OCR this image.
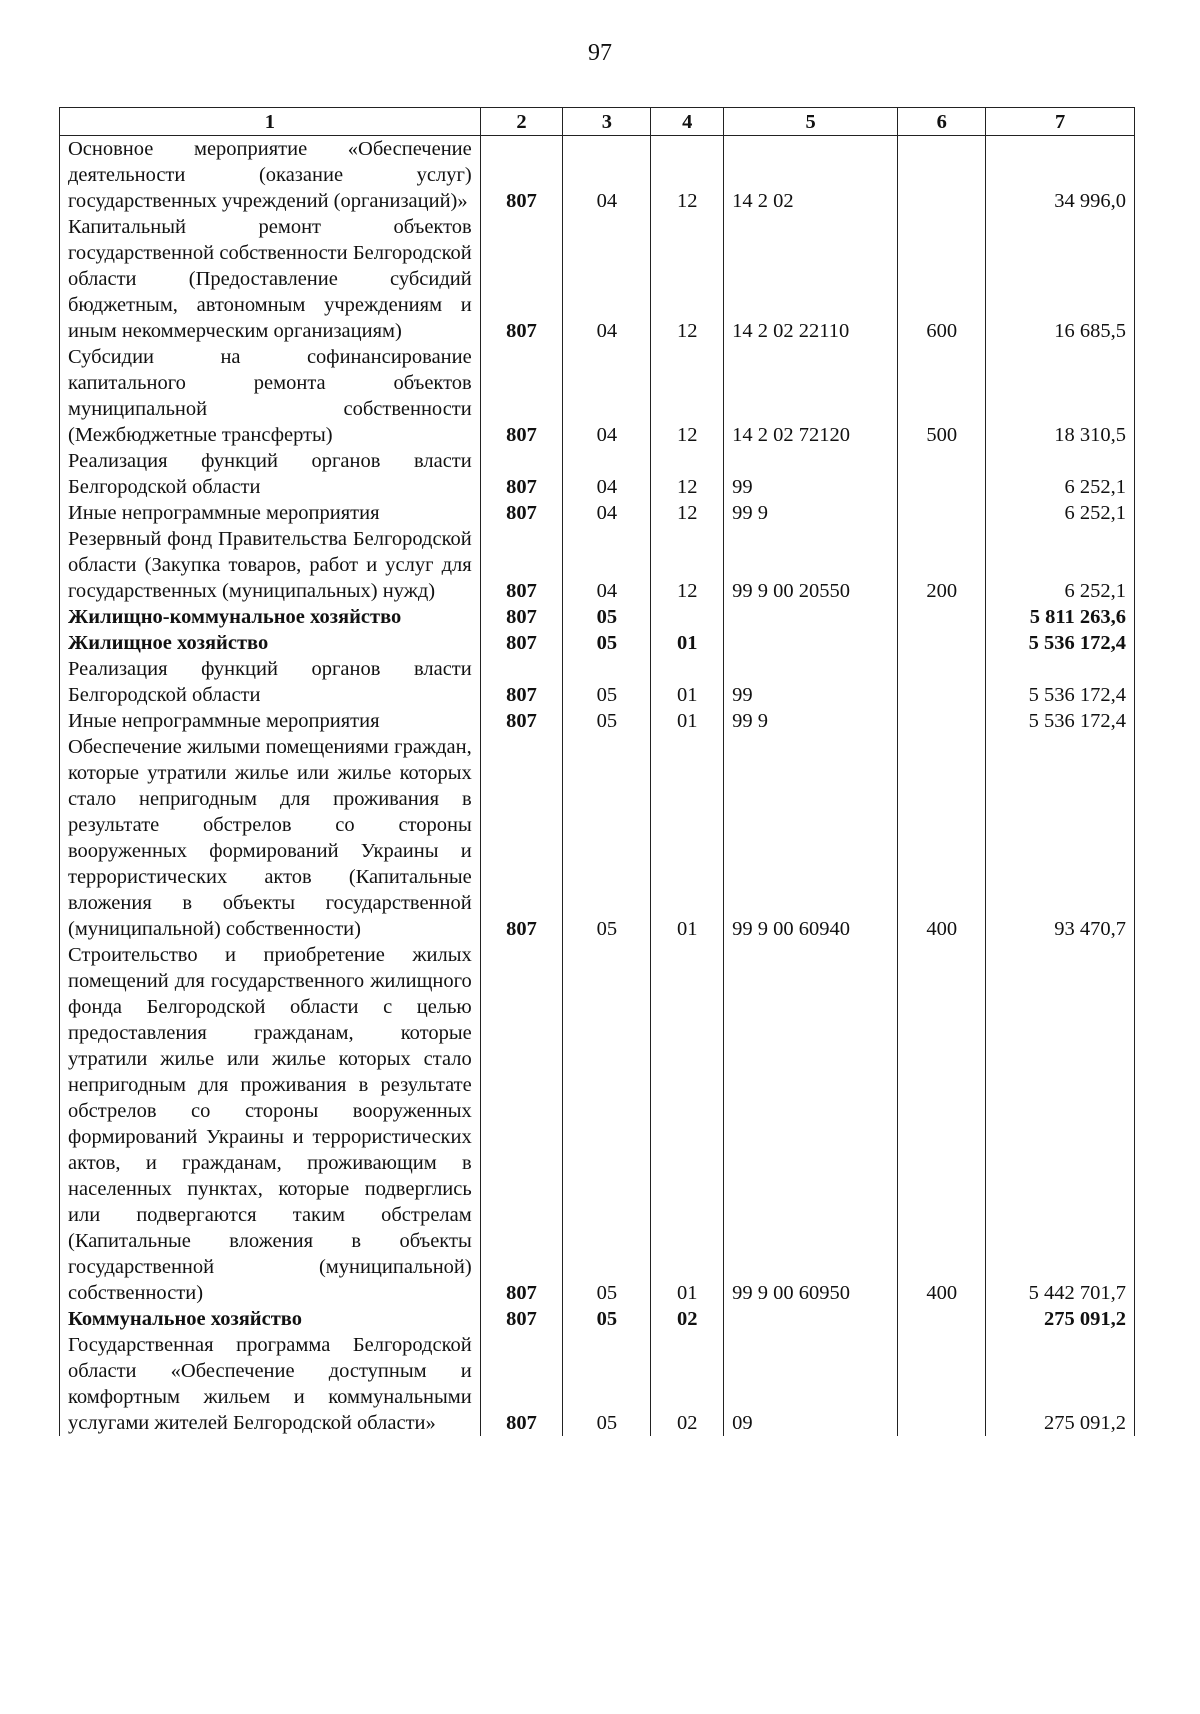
97
1	2	3	4	5	6	7
Основное мероприятие «Обеспечение деятельности (оказание услуг) государственных учреждений (организаций)»	807	04	12	14 2 02		34 996,0
Капитальный ремонт объектов государственной собственности Белгородской области (Предоставление субсидий бюджетным, автономным учреждениям и иным некоммерческим организациям)	807	04	12	14 2 02 22110	600	16 685,5
Субсидии на софинансирование капитального ремонта объектов муниципальной собственности (Межбюджетные трансферты)	807	04	12	14 2 02 72120	500	18 310,5
Реализация функций органов власти Белгородской области	807	04	12	99		6 252,1
Иные непрограммные мероприятия	807	04	12	99 9		6 252,1
Резервный фонд Правительства Белгородской области (Закупка товаров, работ и услуг для государственных (муниципальных) нужд)	807	04	12	99 9 00 20550	200	6 252,1
Жилищно-коммунальное хозяйство	807	05				5 811 263,6
Жилищное хозяйство	807	05	01			5 536 172,4
Реализация функций органов власти Белгородской области	807	05	01	99		5 536 172,4
Иные непрограммные мероприятия	807	05	01	99 9		5 536 172,4
Обеспечение жилыми помещениями граждан, которые утратили жилье или жилье которых стало непригодным для проживания в результате обстрелов со стороны вооруженных формирований Украины и террористических актов (Капитальные вложения в объекты государственной (муниципальной) собственности)	807	05	01	99 9 00 60940	400	93 470,7
Строительство и приобретение жилых помещений для государственного жилищного фонда Белгородской области с целью предоставления гражданам, которые утратили жилье или жилье которых стало непригодным для проживания в результате обстрелов со стороны вооруженных формирований Украины и террористических актов, и гражданам, проживающим в населенных пунктах, которые подверглись или подвергаются таким обстрелам (Капитальные вложения в объекты государственной (муниципальной) собственности)	807	05	01	99 9 00 60950	400	5 442 701,7
Коммунальное хозяйство	807	05	02			275 091,2
Государственная программа Белгородской области «Обеспечение доступным и комфортным жильем и коммунальными услугами жителей Белгородской области»	807	05	02	09		275 091,2
